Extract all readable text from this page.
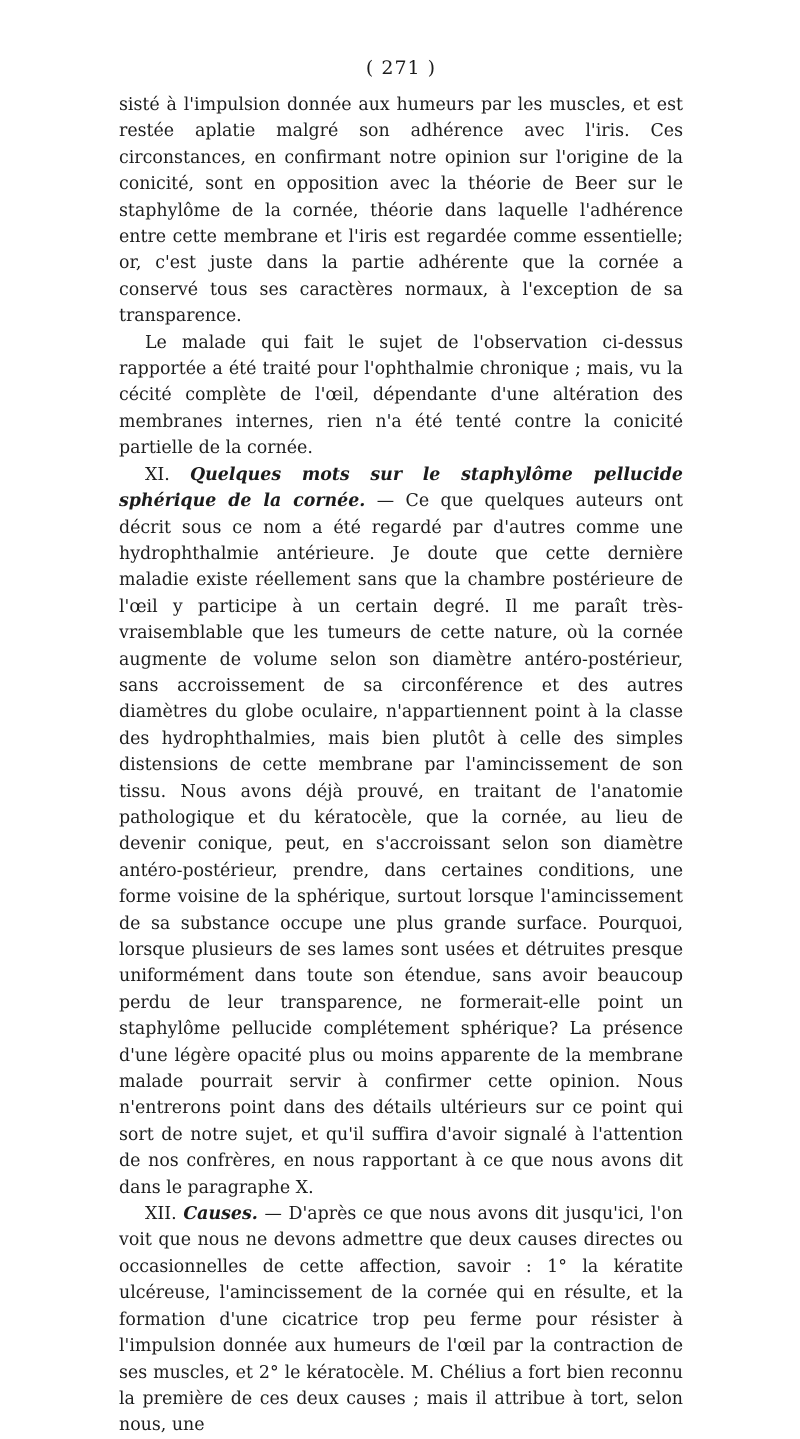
( 271 )

sisté à l'impulsion donnée aux humeurs par les muscles, et est restée aplatie malgré son adhérence avec l'iris. Ces circonstances, en confirmant notre opinion sur l'origine de la conicité, sont en opposition avec la théorie de Beer sur le staphylôme de la cornée, théorie dans laquelle l'adhérence entre cette membrane et l'iris est regardée comme essentielle; or, c'est juste dans la partie adhérente que la cornée a conservé tous ses caractères normaux, à l'exception de sa transparence.

Le malade qui fait le sujet de l'observation ci-dessus rapportée a été traité pour l'ophthalmie chronique ; mais, vu la cécité complète de l'œil, dépendante d'une altération des membranes internes, rien n'a été tenté contre la conicité partielle de la cornée.

XI. Quelques mots sur le staphylôme pellucide sphérique de la cornée. — Ce que quelques auteurs ont décrit sous ce nom a été regardé par d'autres comme une hydrophthalmie antérieure. Je doute que cette dernière maladie existe réellement sans que la chambre postérieure de l'œil y participe à un certain degré. Il me paraît très-vraisemblable que les tumeurs de cette nature, où la cornée augmente de volume selon son diamètre antéro-postérieur, sans accroissement de sa circonférence et des autres diamètres du globe oculaire, n'appartiennent point à la classe des hydrophthalmies, mais bien plutôt à celle des simples distensions de cette membrane par l'amincissement de son tissu. Nous avons déjà prouvé, en traitant de l'anatomie pathologique et du kératocèle, que la cornée, au lieu de devenir conique, peut, en s'accroissant selon son diamètre antéro-postérieur, prendre, dans certaines conditions, une forme voisine de la sphérique, surtout lorsque l'amincissement de sa substance occupe une plus grande surface. Pourquoi, lorsque plusieurs de ses lames sont usées et détruites presque uniformément dans toute son étendue, sans avoir beaucoup perdu de leur transparence, ne formerait-elle point un staphylôme pellucide complétement sphérique? La présence d'une légère opacité plus ou moins apparente de la membrane malade pourrait servir à confirmer cette opinion. Nous n'entrerons point dans des détails ultérieurs sur ce point qui sort de notre sujet, et qu'il suffira d'avoir signalé à l'attention de nos confrères, en nous rapportant à ce que nous avons dit dans le paragraphe X.

XII. Causes. — D'après ce que nous avons dit jusqu'ici, l'on voit que nous ne devons admettre que deux causes directes ou occasionnelles de cette affection, savoir : 1° la kératite ulcéreuse, l'amincissement de la cornée qui en résulte, et la formation d'une cicatrice trop peu ferme pour résister à l'impulsion donnée aux humeurs de l'œil par la contraction de ses muscles, et 2° le kératocèle. M. Chélius a fort bien reconnu la première de ces deux causes ; mais il attribue à tort, selon nous, une
